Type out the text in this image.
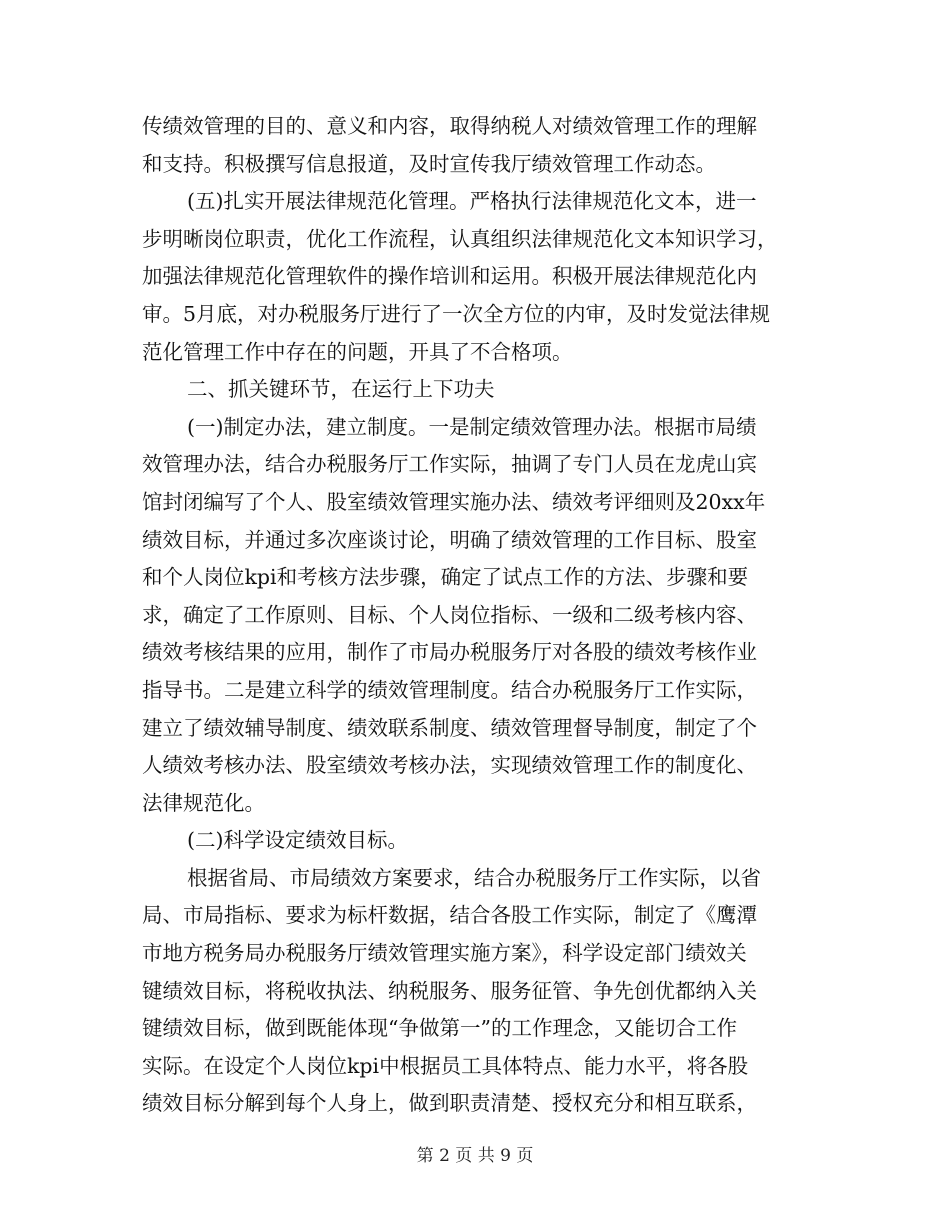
传绩效管理的目的、意义和内容，取得纳税人对绩效管理工作的理解
和支持。积极撰写信息报道，及时宣传我厅绩效管理工作动态。
(五)扎实开展法律规范化管理。严格执行法律规范化文本，进一
步明晰岗位职责，优化工作流程，认真组织法律规范化文本知识学习，
加强法律规范化管理软件的操作培训和运用。积极开展法律规范化内
审。5月底，对办税服务厅进行了一次全方位的内审，及时发觉法律规
范化管理工作中存在的问题，开具了不合格项。
二、抓关键环节，在运行上下功夫
(一)制定办法，建立制度。一是制定绩效管理办法。根据市局绩
效管理办法，结合办税服务厅工作实际，抽调了专门人员在龙虎山宾
馆封闭编写了个人、股室绩效管理实施办法、绩效考评细则及20xx年
绩效目标，并通过多次座谈讨论，明确了绩效管理的工作目标、股室
和个人岗位kpi和考核方法步骤，确定了试点工作的方法、步骤和要
求，确定了工作原则、目标、个人岗位指标、一级和二级考核内容、
绩效考核结果的应用，制作了市局办税服务厅对各股的绩效考核作业
指导书。二是建立科学的绩效管理制度。结合办税服务厅工作实际，
建立了绩效辅导制度、绩效联系制度、绩效管理督导制度，制定了个
人绩效考核办法、股室绩效考核办法，实现绩效管理工作的制度化、
法律规范化。
(二)科学设定绩效目标。
根据省局、市局绩效方案要求，结合办税服务厅工作实际，以省
局、市局指标、要求为标杆数据，结合各股工作实际，制定了《鹰潭
市地方税务局办税服务厅绩效管理实施方案》，科学设定部门绩效关
键绩效目标，将税收执法、纳税服务、服务征管、争先创优都纳入关
键绩效目标，做到既能体现“争做第一”的工作理念，又能切合工作
实际。在设定个人岗位kpi中根据员工具体特点、能力水平，将各股
绩效目标分解到每个人身上，做到职责清楚、授权充分和相互联系，
第 2 页 共 9 页
